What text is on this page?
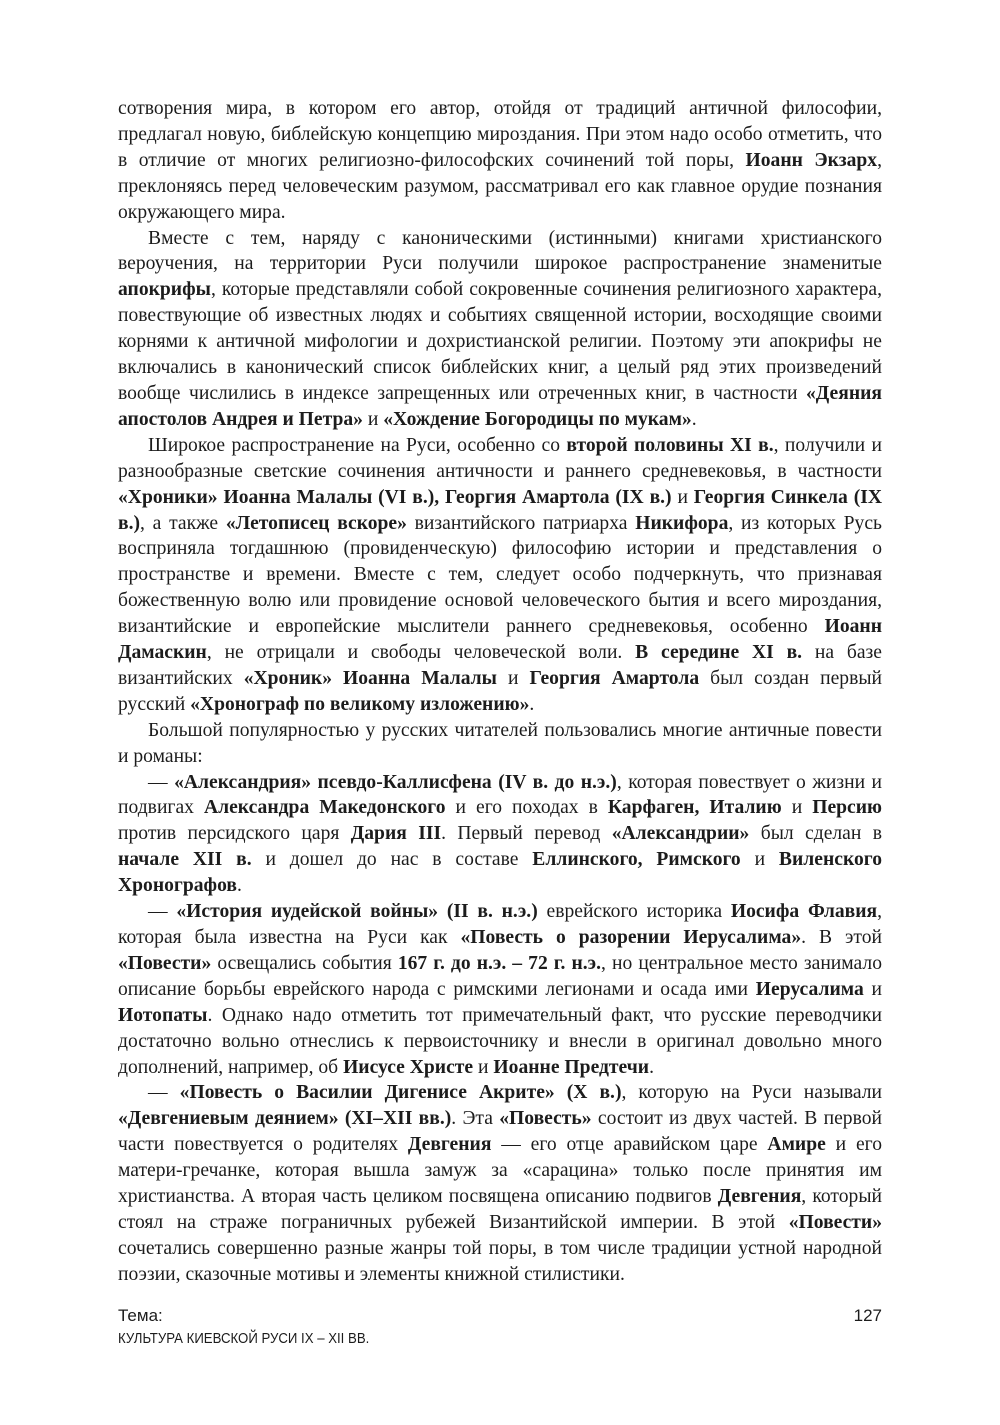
сотворения мира, в котором его автор, отойдя от традиций античной философии, предлагал новую, библейскую концепцию мироздания. При этом надо особо отметить, что в отличие от многих религиозно-философских сочинений той поры, Иоанн Экзарх, преклоняясь перед человеческим разумом, рассматривал его как главное орудие познания окружающего мира.

Вместе с тем, наряду с каноническими (истинными) книгами христианского вероучения, на территории Руси получили широкое распространение знаменитые апокрифы, которые представляли собой сокровенные сочинения религиозного характера, повествующие об известных людях и событиях священной истории, восходящие своими корнями к античной мифологии и дохристианской религии. Поэтому эти апокрифы не включались в канонический список библейских книг, а целый ряд этих произведений вообще числились в индексе запрещенных или отреченных книг, в частности «Деяния апостолов Андрея и Петра» и «Хождение Богородицы по мукам».

Широкое распространение на Руси, особенно со второй половины XI в., получили и разнообразные светские сочинения античности и раннего средневековья, в частности «Хроники» Иоанна Малалы (VI в.), Георгия Амартола (IX в.) и Георгия Синкела (IX в.), а также «Летописец вскоре» византийского патриарха Никифора, из которых Русь восприняла тогдашнюю (провиденческую) философию истории и представления о пространстве и времени. Вместе с тем, следует особо подчеркнуть, что признавая божественную волю или провидение основой человеческого бытия и всего мироздания, византийские и европейские мыслители раннего средневековья, особенно Иоанн Дамаскин, не отрицали и свободы человеческой воли. В середине XI в. на базе византийских «Хроник» Иоанна Малалы и Георгия Амартола был создан первый русский «Хронограф по великому изложению».

Большой популярностью у русских читателей пользовались многие античные повести и романы:

— «Александрия» псевдо-Каллисфена (IV в. до н.э.), которая повествует о жизни и подвигах Александра Македонского и его походах в Карфаген, Италию и Персию против персидского царя Дария III. Первый перевод «Александрии» был сделан в начале XII в. и дошел до нас в составе Еллинского, Римского и Виленского Хронографов.

— «История иудейской войны» (II в. н.э.) еврейского историка Иосифа Флавия, которая была известна на Руси как «Повесть о разорении Иерусалима». В этой «Повести» освещались события 167 г. до н.э. – 72 г. н.э., но центральное место занимало описание борьбы еврейского народа с римскими легионами и осада ими Иерусалима и Иотопаты. Однако надо отметить тот примечательный факт, что русские переводчики достаточно вольно отнеслись к первоисточнику и внесли в оригинал довольно много дополнений, например, об Иисусе Христе и Иоанне Предтечи.

— «Повесть о Василии Дигенисе Акрите» (X в.), которую на Руси называли «Девгениевым деянием» (XI–XII вв.). Эта «Повесть» состоит из двух частей. В первой части повествуется о родителях Девгения — его отце аравийском царе Амире и его матери-гречанке, которая вышла замуж за «сарацина» только после принятия им христианства. А вторая часть целиком посвящена описанию подвигов Девгения, который стоял на страже пограничных рубежей Византийской империи. В этой «Повести» сочетались совершенно разные жанры той поры, в том числе традиции устной народной поэзии, сказочные мотивы и элементы книжной стилистики.

Тема:
КУЛЬТУРА КИЕВСКОЙ РУСИ IX – XII ВВ.
127
